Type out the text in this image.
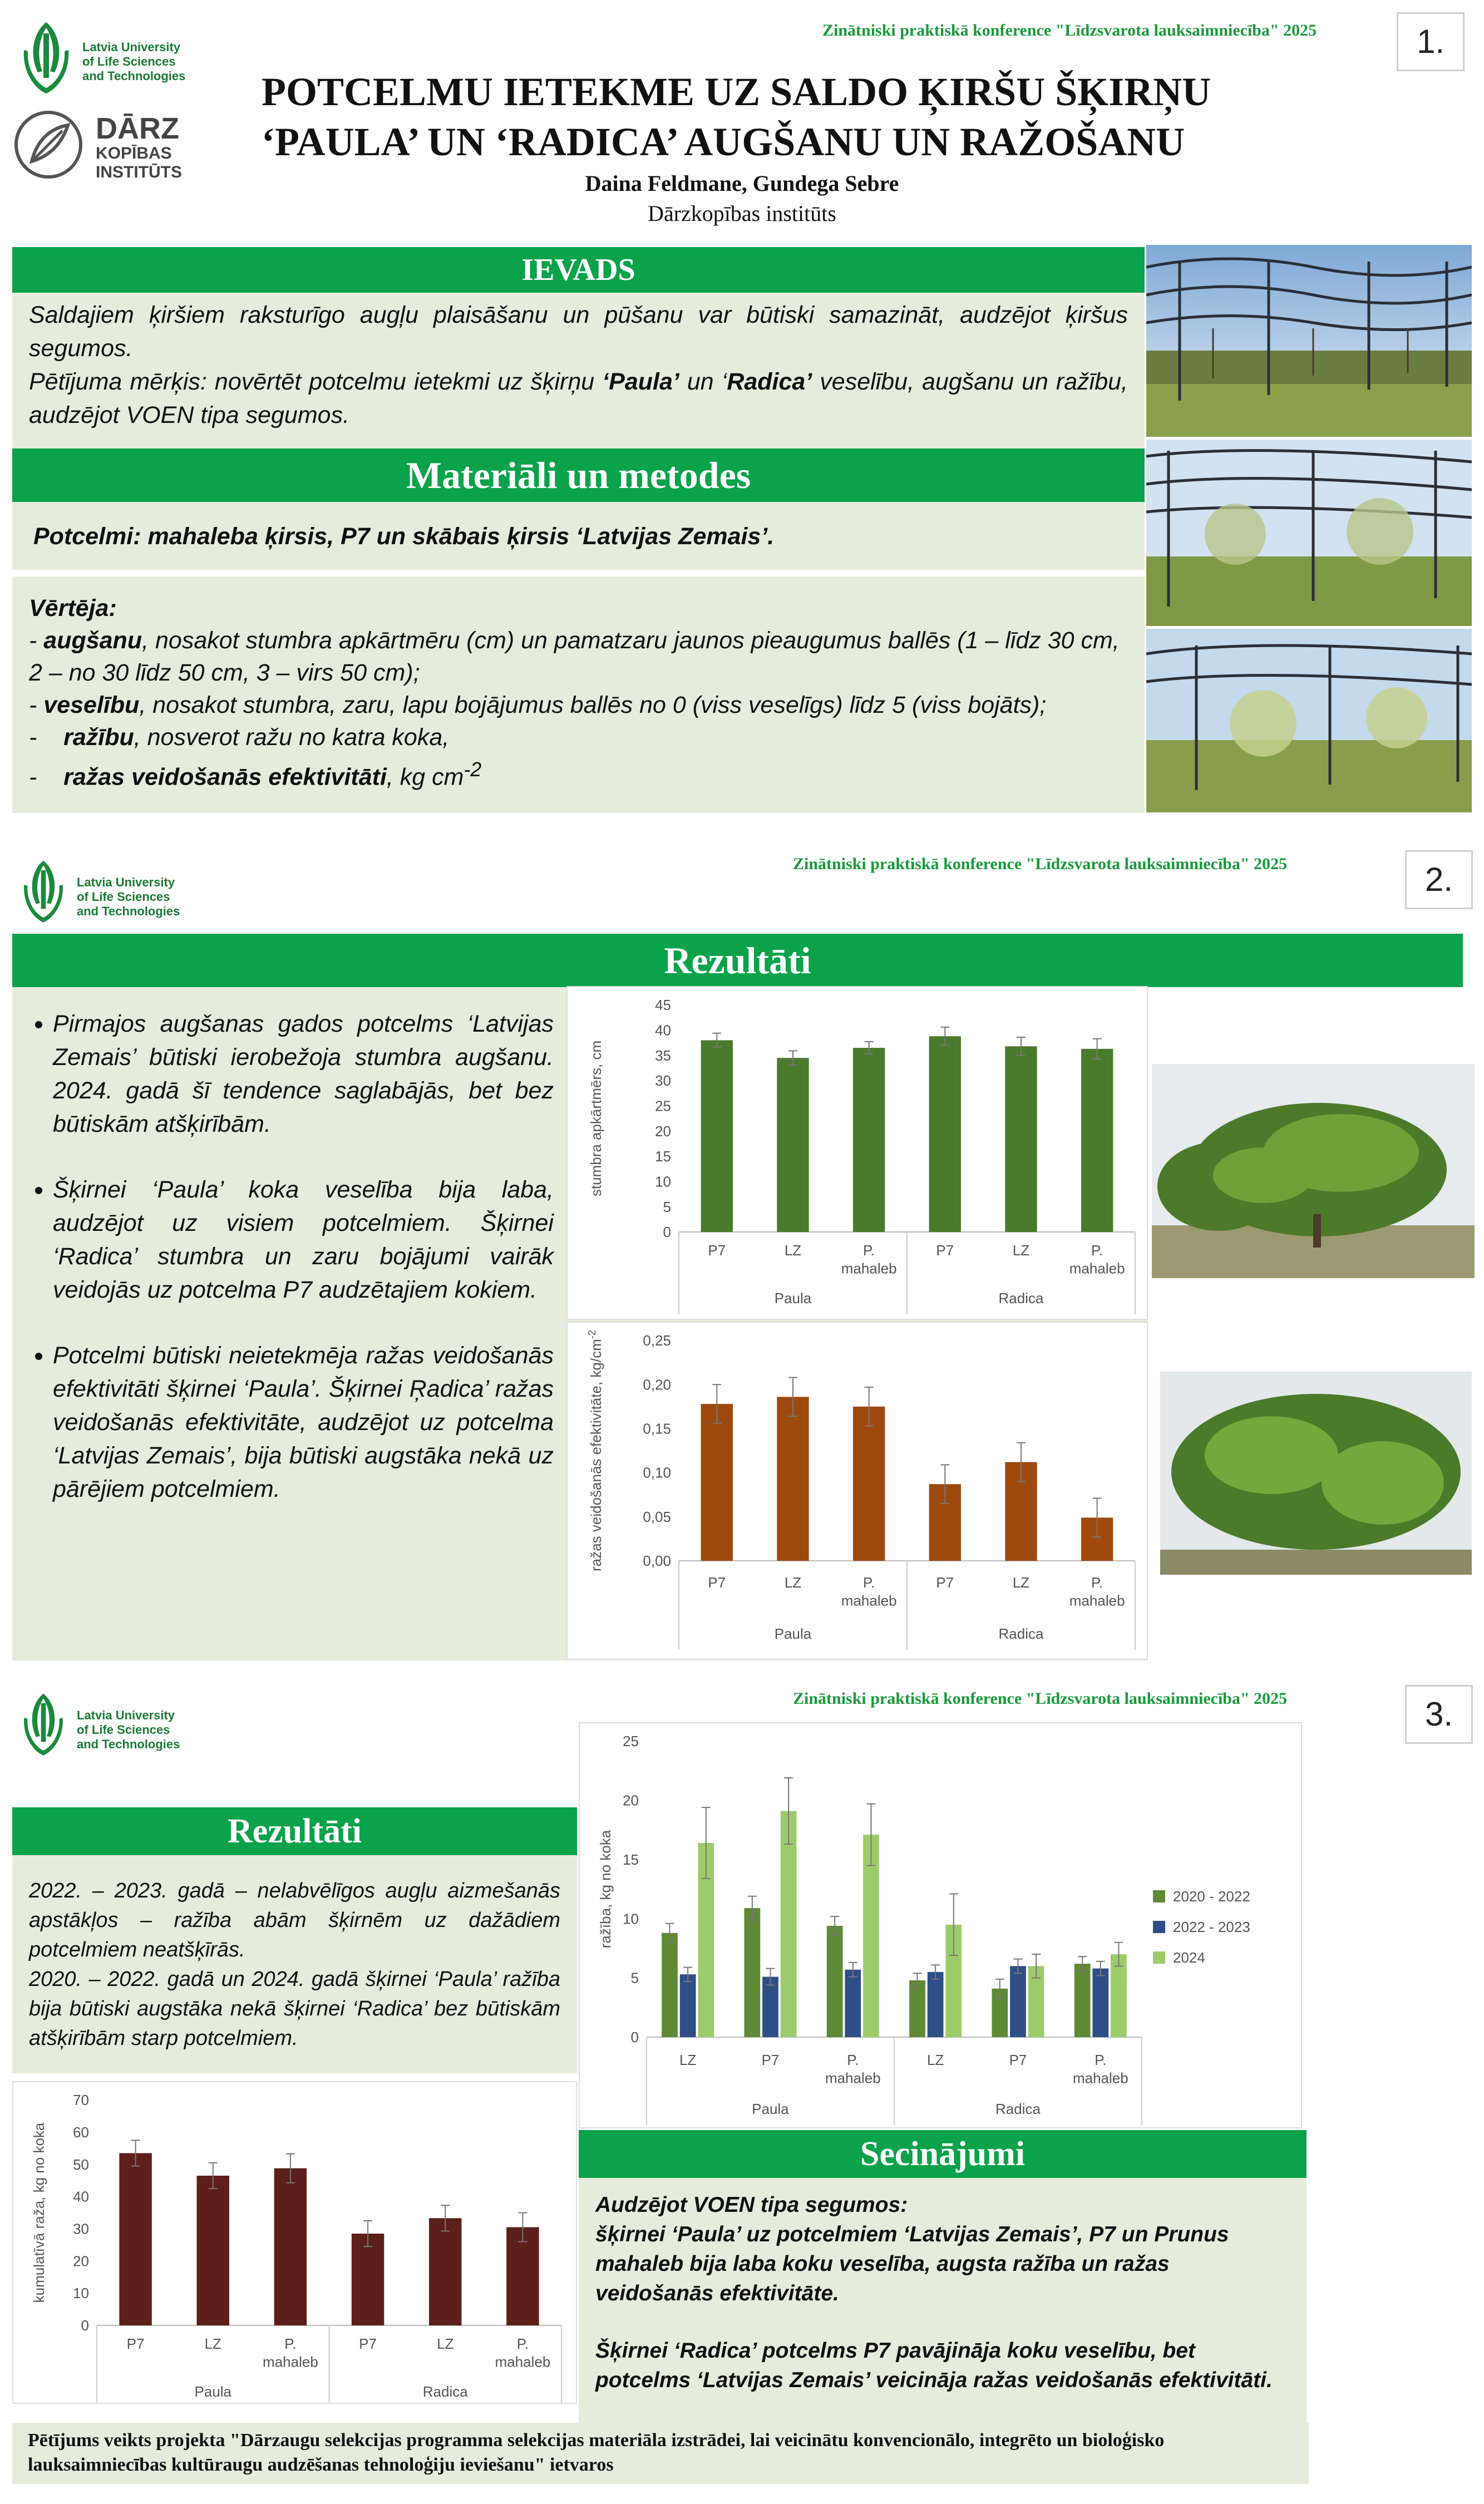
Zinātniski praktiskā konference "Līdzsvarota lauksaimniecība" 2025	1.
Latvia University
of Life Sciences
and Technologies
DĀRZ
KOPĪBAS
INSTITŪTS
POTCELMU IETEKME UZ SALDO ĶIRŠU ŠĶIRŅU
‘PAULA’ UN ‘RADICA’ AUGŠANU UN RAŽOŠANU
Daina Feldmane, Gundega Sebre
Dārzkopības institūts
IEVADS
Saldajiem ķiršiem raksturīgo augļu plaisāšanu un pūšanu var būtiski samazināt, audzējot ķiršus segumos.
Pētījuma mērķis: novērtēt potcelmu ietekmi uz šķirņu ‘Paula’ un ‘Radica’ veselību, augšanu un ražību, audzējot VOEN tipa segumos.
Materiāli un metodes
Potcelmi: mahaleba ķirsis, P7 un skābais ķirsis ‘Latvijas Zemais’.
Vērtēja:
- augšanu, nosakot stumbra apkārtmēru (cm) un pamatzaru jaunos pieaugumus ballēs (1 – līdz 30 cm, 2 – no 30 līdz 50 cm, 3 – virs 50 cm);
- veselību, nosakot stumbra, zaru, lapu bojājumus ballēs no 0 (viss veselīgs) līdz 5 (viss bojāts);
-    ražību, nosverot ražu no katra koka,
-    ražas veidošanās efektivitāti, kg $cm^{-2}$
Latvia University
of Life Sciences
and Technologies
Zinātniski praktiskā konference "Līdzsvarota lauksaimniecība" 2025	2.
Rezultāti
• Pirmajos augšanas gados potcelms ‘Latvijas Zemais’ būtiski ierobežoja stumbra augšanu. 2024. gadā šī tendence saglabājās, bet bez būtiskām atšķirībām.
• Šķirnei ‘Paula’ koka veselība bija laba, audzējot uz visiem potcelmiem. Šķirnei ‘Radica’ stumbra un zaru bojājumi vairāk veidojās uz potcelma P7 audzētajiem kokiem.
• Potcelmi būtiski neietekmēja ražas veidošanās efektivitāti šķirnei ‘Paula’. Šķirnei Ŗadica’ ražas veidošanās efektivitāte, audzējot uz potcelma ‘Latvijas Zemais’, bija būtiski augstāka nekā uz pārējiem potcelmiem.
0
5
10
15
20
25
30
35
40
45
stumbra apkārtmērs, cm
P7	LZ	P.
mahaleb
P7	LZ	P.
mahaleb
Paula	Radica
0,00
0,05
0,10
0,15
0,20
0,25
ražas veidošanās efektivitāte, $kg/cm^{-2}$
P7	LZ	P.
mahaleb
P7	LZ	P.
mahaleb
Paula	Radica
Latvia University
of Life Sciences
and Technologies
Zinātniski praktiskā konference "Līdzsvarota lauksaimniecība" 2025	3.
Rezultāti
2022. – 2023. gadā – nelabvēlīgos augļu aizmešanās apstākļos – ražība abām šķirnēm uz dažādiem potcelmiem neatšķīrās.
2020. – 2022. gadā un 2024. gadā šķirnei ‘Paula’ ražība bija būtiski augstāka nekā šķirnei ‘Radica’ bez būtiskām atšķirībām starp potcelmiem.	0
5
10
15
20
25
ražība, kg no koka
LZ	P7	P.
mahaleb
LZ	P7	P.
mahaleb
Paula	Radica
2020 - 2022
2022 - 2023
2024
0
10
20
30
40
50
60
70
kumulatīvā raža, kg no koka
P7	LZ	P.
mahaleb
P7	LZ	P.
mahaleb
Paula	Radica
Secinājumi
Audzējot VOEN tipa segumos:
šķirnei ‘Paula’ uz potcelmiem ‘Latvijas Zemais’, P7 un Prunus mahaleb bija laba koku veselība, augsta ražība un ražas veidošanās efektivitāte.
Šķirnei ‘Radica’ potcelms P7 pavājināja koku veselību, bet potcelms ‘Latvijas Zemais’ veicināja ražas veidošanās efektivitāti.
Pētījums veikts projekta "Dārzaugu selekcijas programma selekcijas materiāla izstrādei, lai veicinātu konvencionālo, integrēto un bioloģisko lauksaimniecības kultūraugu audzēšanas tehnoloģiju ieviešanu" ietvaros
